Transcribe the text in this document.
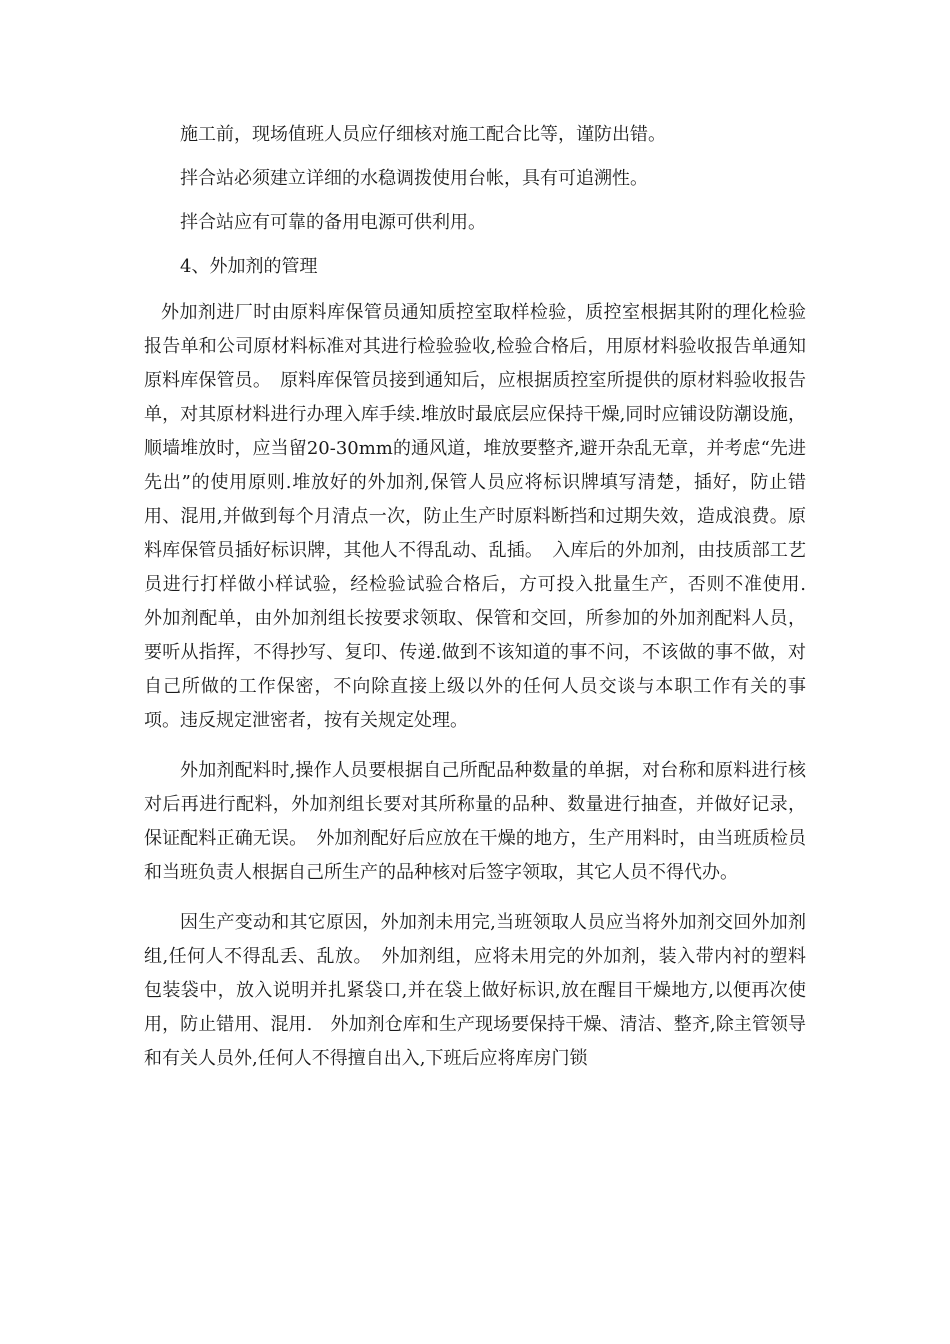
施工前，现场值班人员应仔细核对施工配合比等，谨防出错。

拌合站必须建立详细的水稳调拨使用台帐，具有可追溯性。

拌合站应有可靠的备用电源可供利用。

4、外加剂的管理

外加剂进厂时由原料库保管员通知质控室取样检验，质控室根据其附的理化检验报告单和公司原材料标准对其进行检验验收,检验合格后，用原材料验收报告单通知原料库保管员。　原料库保管员接到通知后，应根据质控室所提供的原材料验收报告单，对其原材料进行办理入库手续.堆放时最底层应保持干燥,同时应铺设防潮设施，顺墙堆放时，应当留20-30mm的通风道，堆放要整齐,避开杂乱无章，并考虑“先进先出”的使用原则.堆放好的外加剂,保管人员应将标识牌填写清楚，插好，防止错用、混用,并做到每个月清点一次，防止生产时原料断挡和过期失效，造成浪费。原料库保管员插好标识牌，其他人不得乱动、乱插。　入库后的外加剂，由技质部工艺员进行打样做小样试验，经检验试验合格后，方可投入批量生产，否则不准使用.　外加剂配单，由外加剂组长按要求领取、保管和交回，所参加的外加剂配料人员，要听从指挥，不得抄写、复印、传递.做到不该知道的事不问，不该做的事不做，对自己所做的工作保密，不向除直接上级以外的任何人员交谈与本职工作有关的事项。违反规定泄密者，按有关规定处理。

外加剂配料时,操作人员要根据自己所配品种数量的单据，对台称和原料进行核对后再进行配料，外加剂组长要对其所称量的品种、数量进行抽查，并做好记录，保证配料正确无误。　外加剂配好后应放在干燥的地方，生产用料时，由当班质检员和当班负责人根据自己所生产的品种核对后签字领取，其它人员不得代办。

因生产变动和其它原因，外加剂未用完,当班领取人员应当将外加剂交回外加剂组,任何人不得乱丢、乱放。　外加剂组，应将未用完的外加剂，装入带内衬的塑料包装袋中，放入说明并扎紧袋口,并在袋上做好标识,放在醒目干燥地方,以便再次使用，防止错用、混用.　外加剂仓库和生产现场要保持干燥、清洁、整齐,除主管领导和有关人员外,任何人不得擅自出入,下班后应将库房门锁
